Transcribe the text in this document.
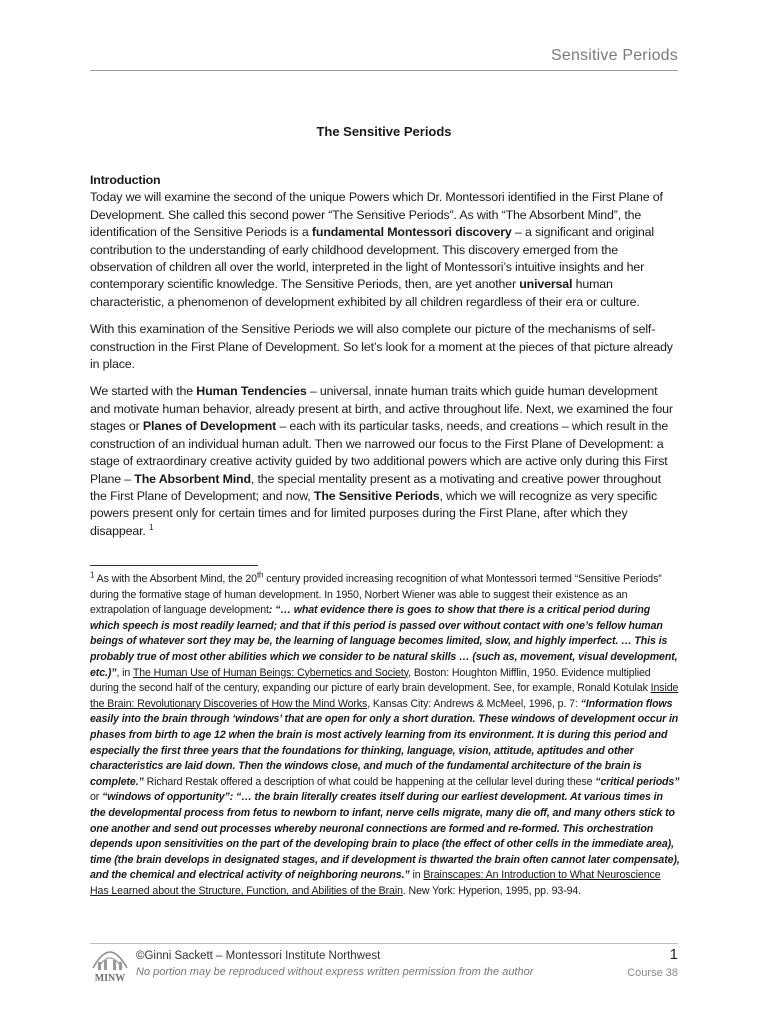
Sensitive Periods
The Sensitive Periods

Introduction
Today we will examine the second of the unique Powers which Dr. Montessori identified in the First Plane of Development. She called this second power “The Sensitive Periods”. As with “The Absorbent Mind”, the identification of the Sensitive Periods is a fundamental Montessori discovery – a significant and original contribution to the understanding of early childhood development. This discovery emerged from the observation of children all over the world, interpreted in the light of Montessori’s intuitive insights and her contemporary scientific knowledge. The Sensitive Periods, then, are yet another universal human characteristic, a phenomenon of development exhibited by all children regardless of their era or culture.

With this examination of the Sensitive Periods we will also complete our picture of the mechanisms of self-construction in the First Plane of Development. So let’s look for a moment at the pieces of that picture already in place.

We started with the Human Tendencies – universal, innate human traits which guide human development and motivate human behavior, already present at birth, and active throughout life. Next, we examined the four stages or Planes of Development – each with its particular tasks, needs, and creations – which result in the construction of an individual human adult. Then we narrowed our focus to the First Plane of Development: a stage of extraordinary creative activity guided by two additional powers which are active only during this First Plane – The Absorbent Mind, the special mentality present as a motivating and creative power throughout the First Plane of Development; and now, The Sensitive Periods, which we will recognize as very specific powers present only for certain times and for limited purposes during the First Plane, after which they disappear. $^1$

$^1$ As with the Absorbent Mind, the 20th century provided increasing recognition of what Montessori termed “Sensitive Periods” during the formative stage of human development. In 1950, Norbert Wiener was able to suggest their existence as an extrapolation of language development: “… what evidence there is goes to show that there is a critical period during which speech is most readily learned; and that if this period is passed over without contact with one’s fellow human beings of whatever sort they may be, the learning of language becomes limited, slow, and highly imperfect. … This is probably true of most other abilities which we consider to be natural skills … (such as, movement, visual development, etc.)”, in The Human Use of Human Beings: Cybernetics and Society, Boston: Houghton Mifflin, 1950. Evidence multiplied during the second half of the century, expanding our picture of early brain development. See, for example, Ronald Kotulak Inside the Brain: Revolutionary Discoveries of How the Mind Works, Kansas City: Andrews & McMeel, 1996, p. 7: “Information flows easily into the brain through ‘windows’ that are open for only a short duration. These windows of development occur in phases from birth to age 12 when the brain is most actively learning from its environment. It is during this period and especially the first three years that the foundations for thinking, language, vision, attitude, aptitudes and other characteristics are laid down. Then the windows close, and much of the fundamental architecture of the brain is complete.” Richard Restak offered a description of what could be happening at the cellular level during these “critical periods” or “windows of opportunity”: “… the brain literally creates itself during our earliest development. At various times in the developmental process from fetus to newborn to infant, nerve cells migrate, many die off, and many others stick to one another and send out processes whereby neuronal connections are formed and re-formed. This orchestration depends upon sensitivities on the part of the developing brain to place (the effect of other cells in the immediate area), time (the brain develops in designated stages, and if development is thwarted the brain often cannot later compensate), and the chemical and electrical activity of neighboring neurons.” in Brainscapes: An Introduction to What Neuroscience Has Learned about the Structure, Function, and Abilities of the Brain. New York: Hyperion, 1995, pp. 93-94.
MINW
©Ginni Sackett – Montessori Institute Northwest
No portion may be reproduced without express written permission from the author
1
Course 38
